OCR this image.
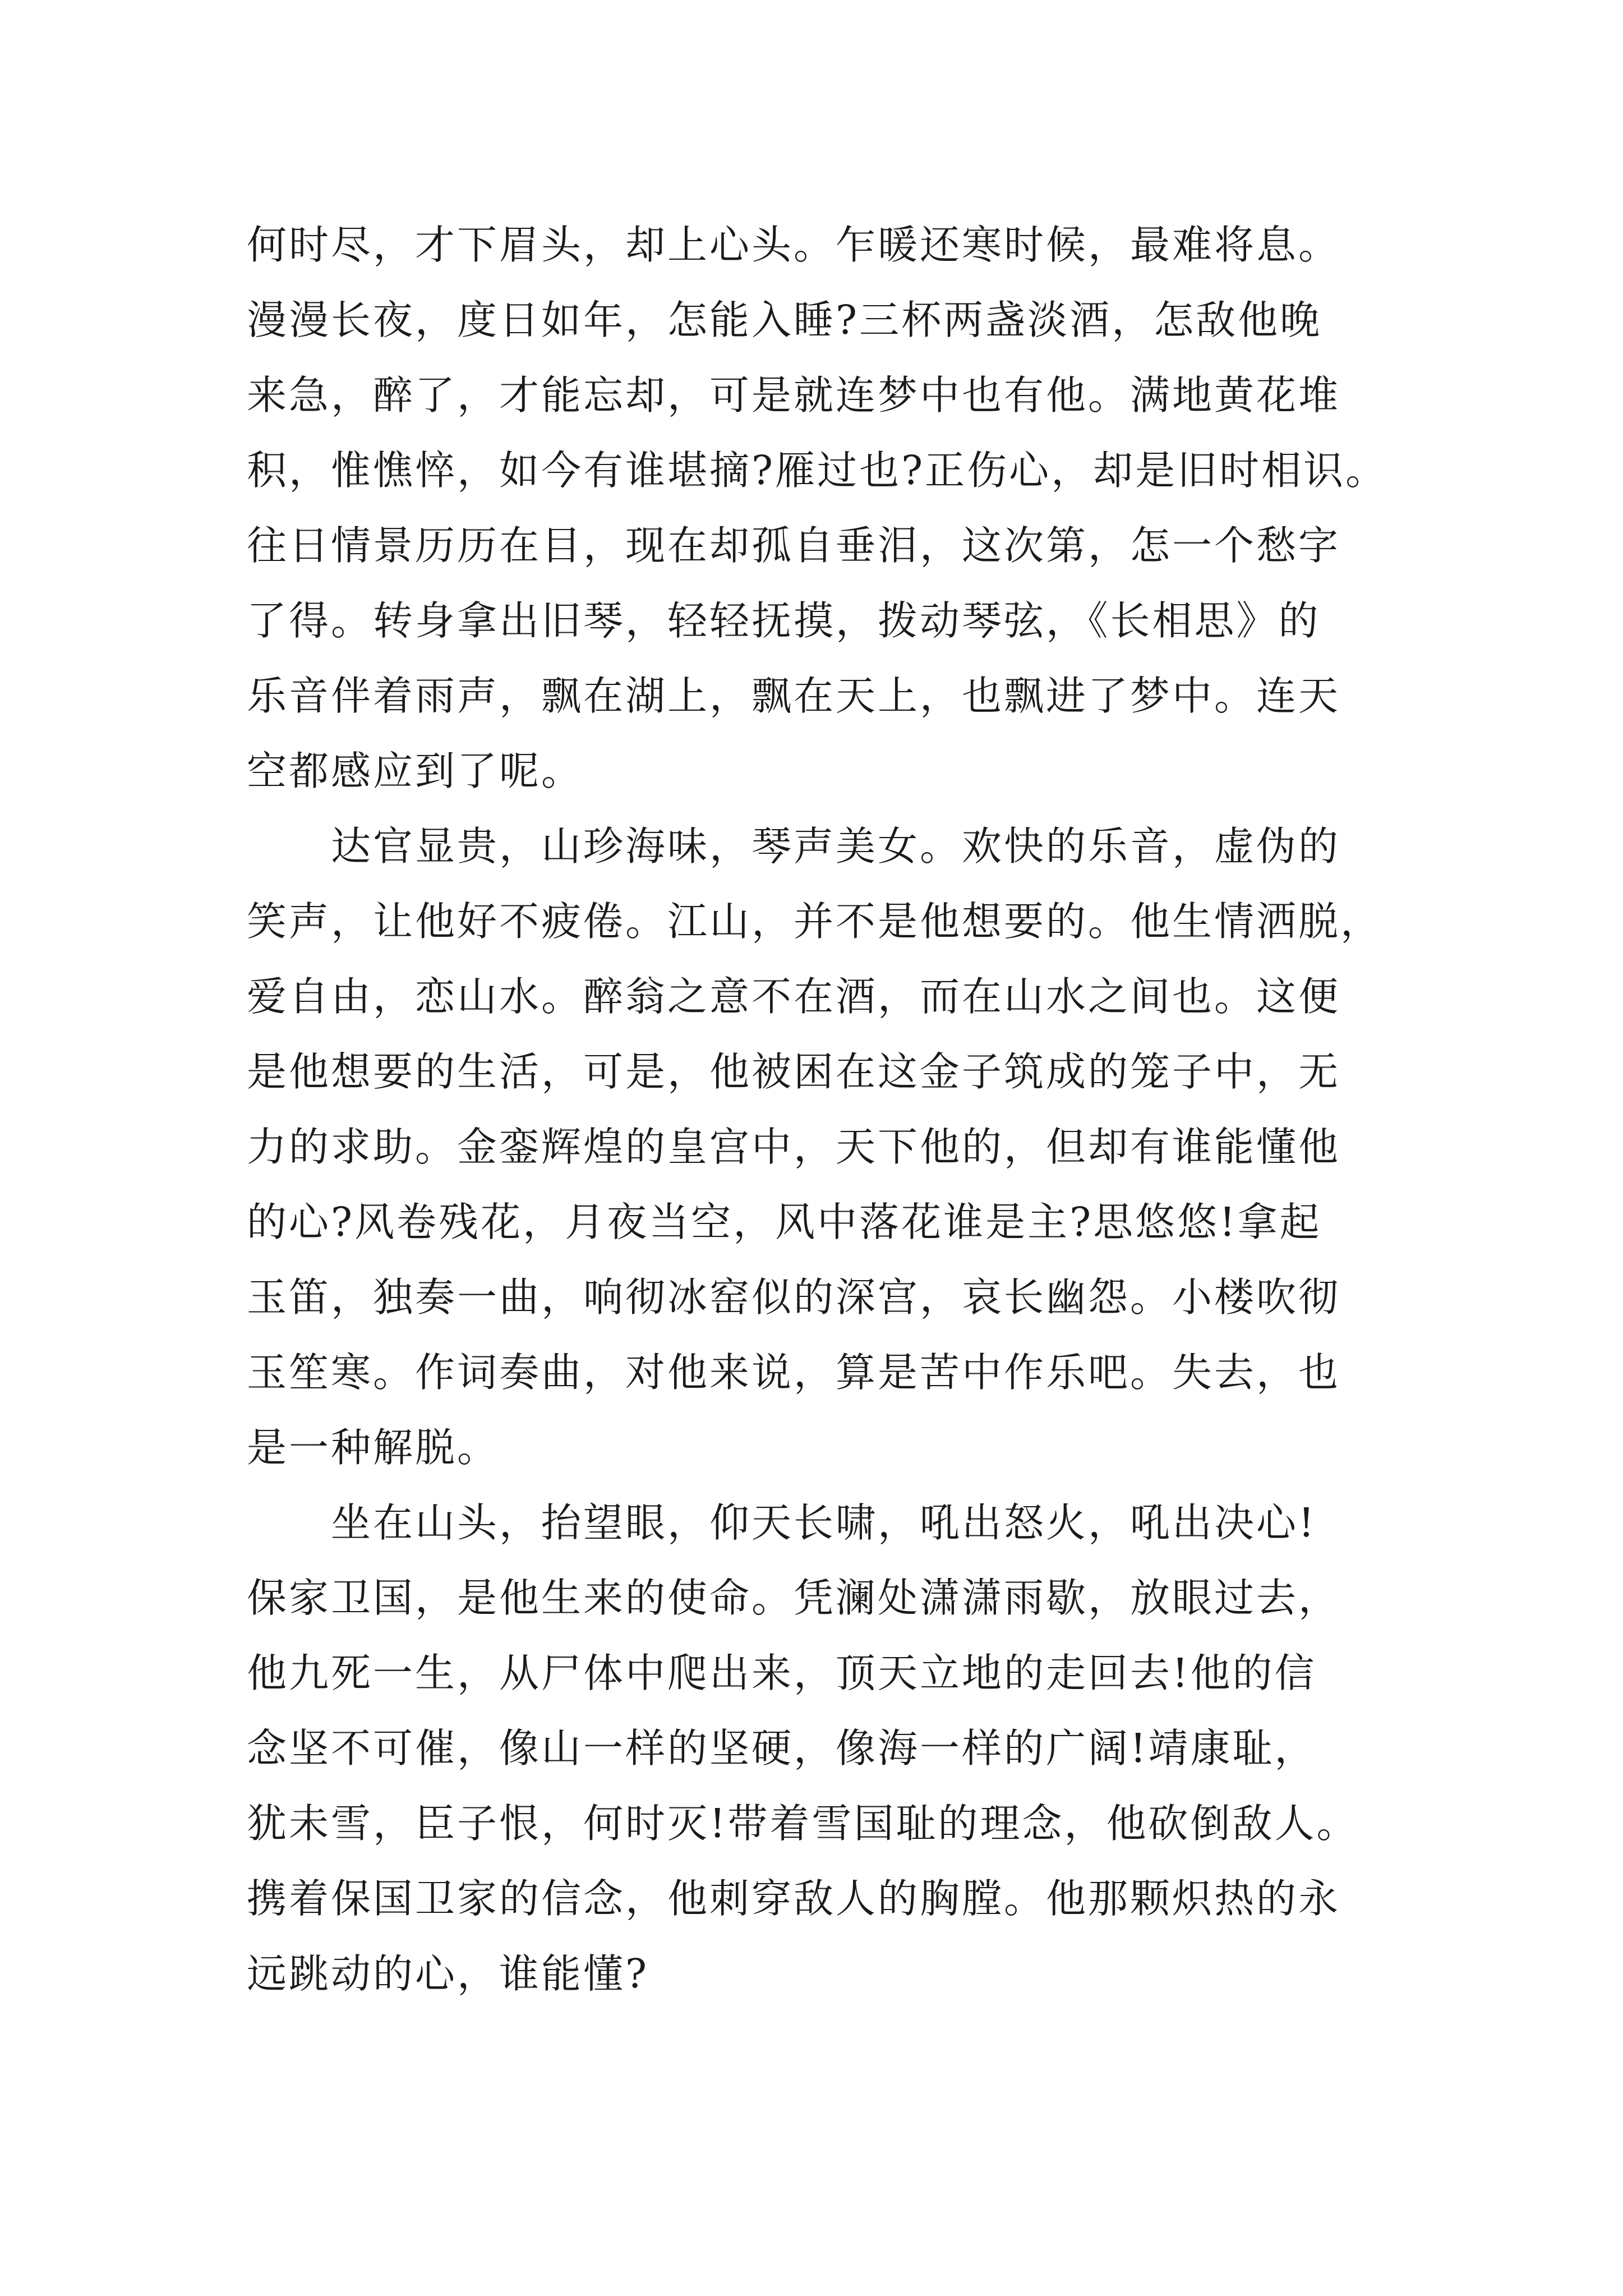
何时尽，才下眉头，却上心头。乍暖还寒时候，最难将息。
漫漫长夜，度日如年，怎能入睡?三杯两盏淡酒，怎敌他晚
来急，醉了，才能忘却，可是就连梦中也有他。满地黄花堆
积，惟憔悴，如今有谁堪摘?雁过也?正伤心，却是旧时相识。
往日情景历历在目，现在却孤自垂泪，这次第，怎一个愁字
了得。转身拿出旧琴，轻轻抚摸，拨动琴弦，《长相思》的
乐音伴着雨声，飘在湖上，飘在天上，也飘进了梦中。连天
空都感应到了呢。
达官显贵，山珍海味，琴声美女。欢快的乐音，虚伪的
笑声，让他好不疲倦。江山，并不是他想要的。他生情洒脱，
爱自由，恋山水。醉翁之意不在酒，而在山水之间也。这便
是他想要的生活，可是，他被困在这金子筑成的笼子中，无
力的求助。金銮辉煌的皇宫中，天下他的，但却有谁能懂他
的心?风卷残花，月夜当空，风中落花谁是主?思悠悠!拿起
玉笛，独奏一曲，响彻冰窑似的深宫，哀长幽怨。小楼吹彻
玉笙寒。作词奏曲，对他来说，算是苦中作乐吧。失去，也
是一种解脱。
坐在山头，抬望眼，仰天长啸，吼出怒火，吼出决心!
保家卫国，是他生来的使命。凭澜处潇潇雨歇，放眼过去，
他九死一生，从尸体中爬出来，顶天立地的走回去!他的信
念坚不可催，像山一样的坚硬，像海一样的广阔!靖康耻，
犹未雪，臣子恨，何时灭!带着雪国耻的理念，他砍倒敌人。
携着保国卫家的信念，他刺穿敌人的胸膛。他那颗炽热的永
远跳动的心，谁能懂?
